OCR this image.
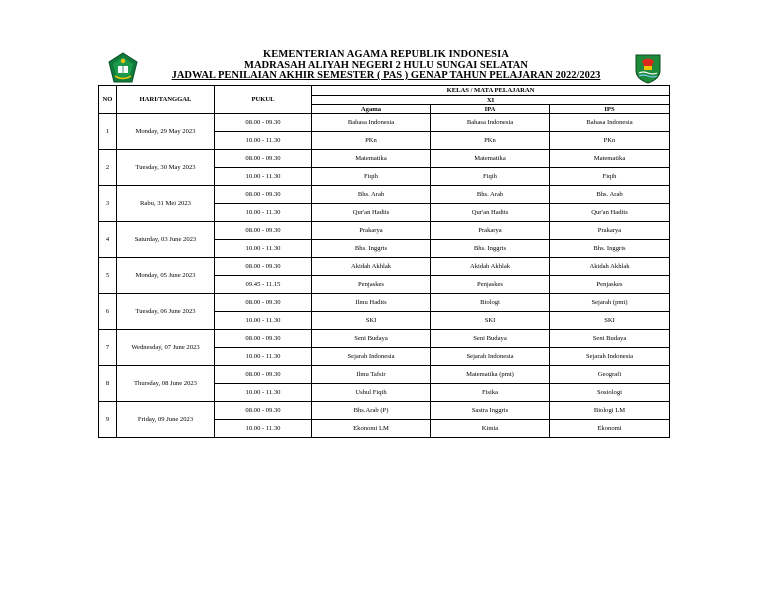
KEMENTERIAN AGAMA REPUBLIK INDONESIA
MADRASAH ALIYAH NEGERI 2 HULU SUNGAI SELATAN
JADWAL PENILAIAN AKHIR SEMESTER ( PAS ) GENAP TAHUN PELAJARAN 2022/2023
NO	HARI/TANGGAL	PUKUL	KELAS / MATA PELAJARAN		
			XI		
			Agama	IPA	IPS
1	Monday, 29 May 2023	08.00 - 09.30	Bahasa Indonesia	Bahasa Indonesia	Bahasa Indonesia
		10.00 - 11.30	PKn	PKn	PKn
2	Tuesday, 30 May 2023	08.00 - 09.30	Matematika	Matematika	Matematika
		10.00 - 11.30	Fiqih	Fiqih	Fiqih
3	Rabu, 31 Mei 2023	08.00 - 09.30	Bhs. Arab	Bhs. Arab	Bhs. Arab
		10.00 - 11.30	Qur'an Hadits	Qur'an Hadits	Qur'an Hadits
4	Saturday, 03 June 2023	08.00 - 09.30	Prakarya	Prakarya	Prakarya
		10.00 - 11.30	Bhs. Inggris	Bhs. Inggris	Bhs. Inggris
5	Monday, 05 June 2023	08.00 - 09.30	Akidah Akhlak	Akidah Akhlak	Akidah Akhlak
		09.45 - 11.15	Penjaskes	Penjaskes	Penjaskes
6	Tuesday, 06 June 2023	08.00 - 09.30	Ilmu Hadits	Biologi	Sejarah (pmt)
		10.00 - 11.30	SKI	SKI	SKI
7	Wednesday, 07 June 2023	08.00 - 09.30	Seni Budaya	Seni Budaya	Seni Budaya
		10.00 - 11.30	Sejarah Indonesia	Sejarah Indonesia	Sejarah Indonesia
8	Thursday, 08 June 2023	08.00 - 09.30	Ilmu Tafsir	Matematika (pmt)	Geografi
		10.00 - 11.30	Ushul Fiqih	Fisika	Sosiologi
9	Friday, 09 June 2023	08.00 - 09.30	Bhs.Arab (P)	Sastra Inggris	Biologi LM
		10.00 - 11.30	Ekonomi LM	Kimia	Ekonomi
